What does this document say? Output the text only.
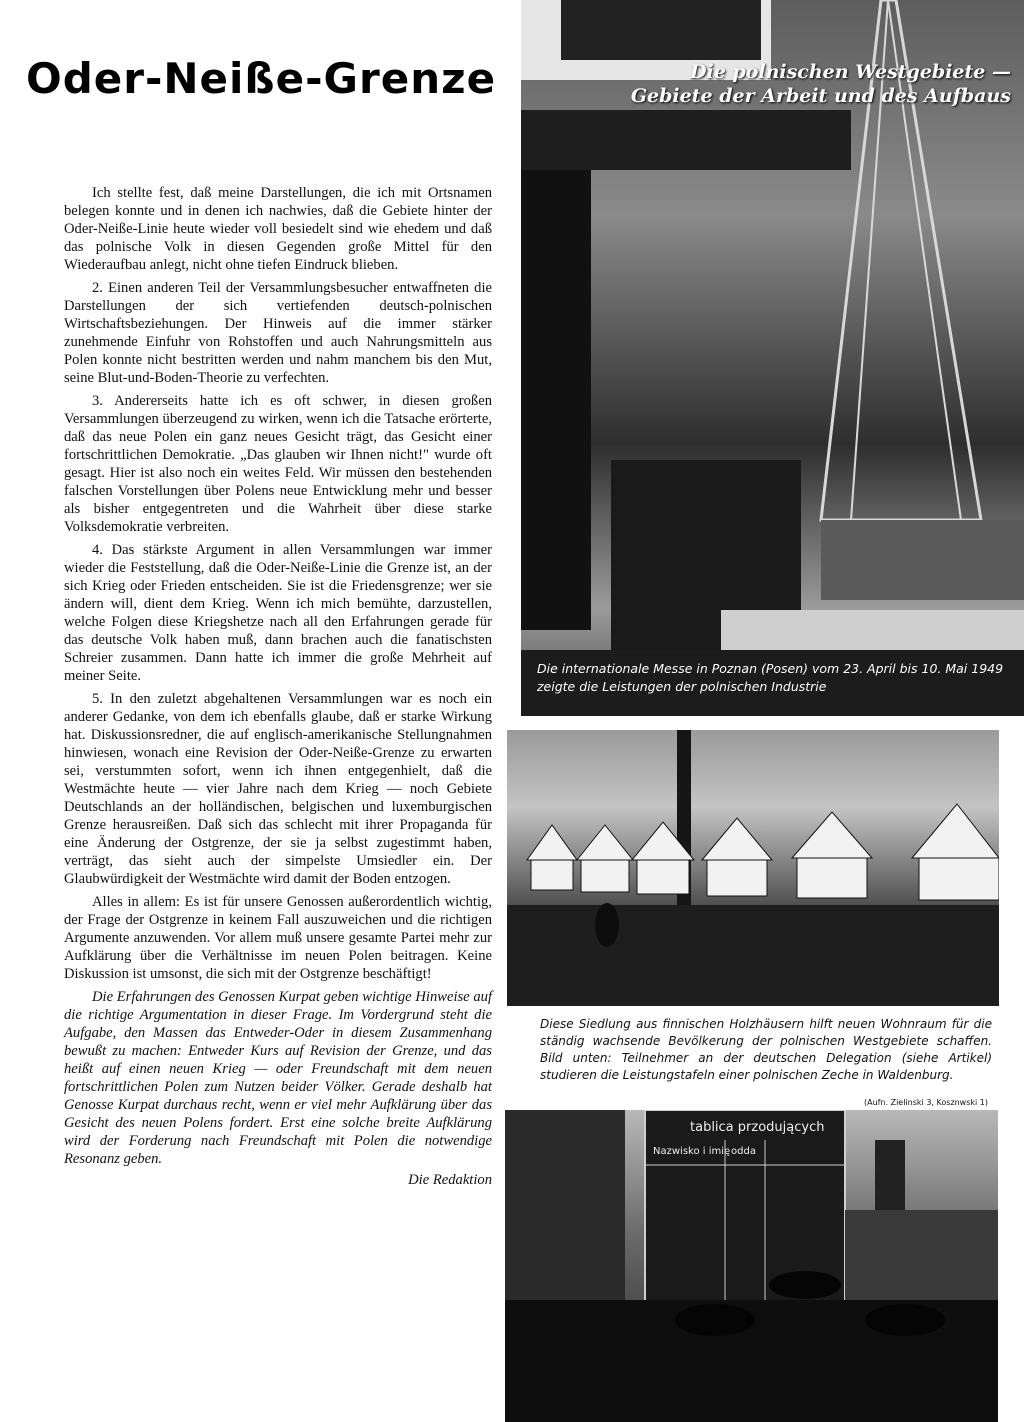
Oder-Neiße-Grenze

Ich stellte fest, daß meine Darstellungen, die ich mit Ortsnamen belegen konnte und in denen ich nachwies, daß die Gebiete hinter der Oder-Neiße-Linie heute wieder voll besiedelt sind wie ehedem und daß das polnische Volk in diesen Gegenden große Mittel für den Wiederaufbau anlegt, nicht ohne tiefen Eindruck blieben.

2. Einen anderen Teil der Versammlungsbesucher entwaffneten die Darstellungen der sich vertiefenden deutsch-polnischen Wirtschaftsbeziehungen. Der Hinweis auf die immer stärker zunehmende Einfuhr von Rohstoffen und auch Nahrungsmitteln aus Polen konnte nicht bestritten werden und nahm manchem bis den Mut, seine Blut-und-Boden-Theorie zu verfechten.

3. Andererseits hatte ich es oft schwer, in diesen großen Versammlungen überzeugend zu wirken, wenn ich die Tatsache erörterte, daß das neue Polen ein ganz neues Gesicht trägt, das Gesicht einer fortschrittlichen Demokratie. „Das glauben wir Ihnen nicht!" wurde oft gesagt. Hier ist also noch ein weites Feld. Wir müssen den bestehenden falschen Vorstellungen über Polens neue Entwicklung mehr und besser als bisher entgegentreten und die Wahrheit über diese starke Volksdemokratie verbreiten.

4. Das stärkste Argument in allen Versammlungen war immer wieder die Feststellung, daß die Oder-Neiße-Linie die Grenze ist, an der sich Krieg oder Frieden entscheiden. Sie ist die Friedensgrenze; wer sie ändern will, dient dem Krieg. Wenn ich mich bemühte, darzustellen, welche Folgen diese Kriegshetze nach all den Erfahrungen gerade für das deutsche Volk haben muß, dann brachen auch die fanatischsten Schreier zusammen. Dann hatte ich immer die große Mehrheit auf meiner Seite.

5. In den zuletzt abgehaltenen Versammlungen war es noch ein anderer Gedanke, von dem ich ebenfalls glaube, daß er starke Wirkung hat. Diskussionsredner, die auf englisch-amerikanische Stellungnahmen hinwiesen, wonach eine Revision der Oder-Neiße-Grenze zu erwarten sei, verstummten sofort, wenn ich ihnen entgegenhielt, daß die Westmächte heute — vier Jahre nach dem Krieg — noch Gebiete Deutschlands an der holländischen, belgischen und luxemburgischen Grenze herausreißen. Daß sich das schlecht mit ihrer Propaganda für eine Änderung der Ostgrenze, der sie ja selbst zugestimmt haben, verträgt, das sieht auch der simpelste Umsiedler ein. Der Glaubwürdigkeit der Westmächte wird damit der Boden entzogen.

Alles in allem: Es ist für unsere Genossen außerordentlich wichtig, der Frage der Ostgrenze in keinem Fall auszuweichen und die richtigen Argumente anzuwenden. Vor allem muß unsere gesamte Partei mehr zur Aufklärung über die Verhältnisse im neuen Polen beitragen. Keine Diskussion ist umsonst, die sich mit der Ostgrenze beschäftigt!

Die Erfahrungen des Genossen Kurpat geben wichtige Hinweise auf die richtige Argumentation in dieser Frage. Im Vordergrund steht die Aufgabe, den Massen das Entweder-Oder in diesem Zusammenhang bewußt zu machen: Entweder Kurs auf Revision der Grenze, und das heißt auf einen neuen Krieg — oder Freundschaft mit dem neuen fortschrittlichen Polen zum Nutzen beider Völker. Gerade deshalb hat Genosse Kurpat durchaus recht, wenn er viel mehr Aufklärung über das Gesicht des neuen Polens fordert. Erst eine solche breite Aufklärung wird der Forderung nach Freundschaft mit Polen die notwendige Resonanz geben.

Die Redaktion

Die polnischen Westgebiete —
Gebiete der Arbeit und des Aufbaus
Die internationale Messe in Poznan (Posen) vom 23. April bis 10. Mai 1949 zeigte die Leistungen der polnischen Industrie
Diese Siedlung aus finnischen Holzhäusern hilft neuen Wohnraum für die ständig wachsende Bevölkerung der polnischen Westgebiete schaffen. Bild unten: Teilnehmer an der deutschen Delegation (siehe Artikel) studieren die Leistungstafeln einer polnischen Zeche in Waldenburg.
(Aufn. Zielinski 3, Kosznwski 1)
tablica przodujących
Nazwisko i imię odda
